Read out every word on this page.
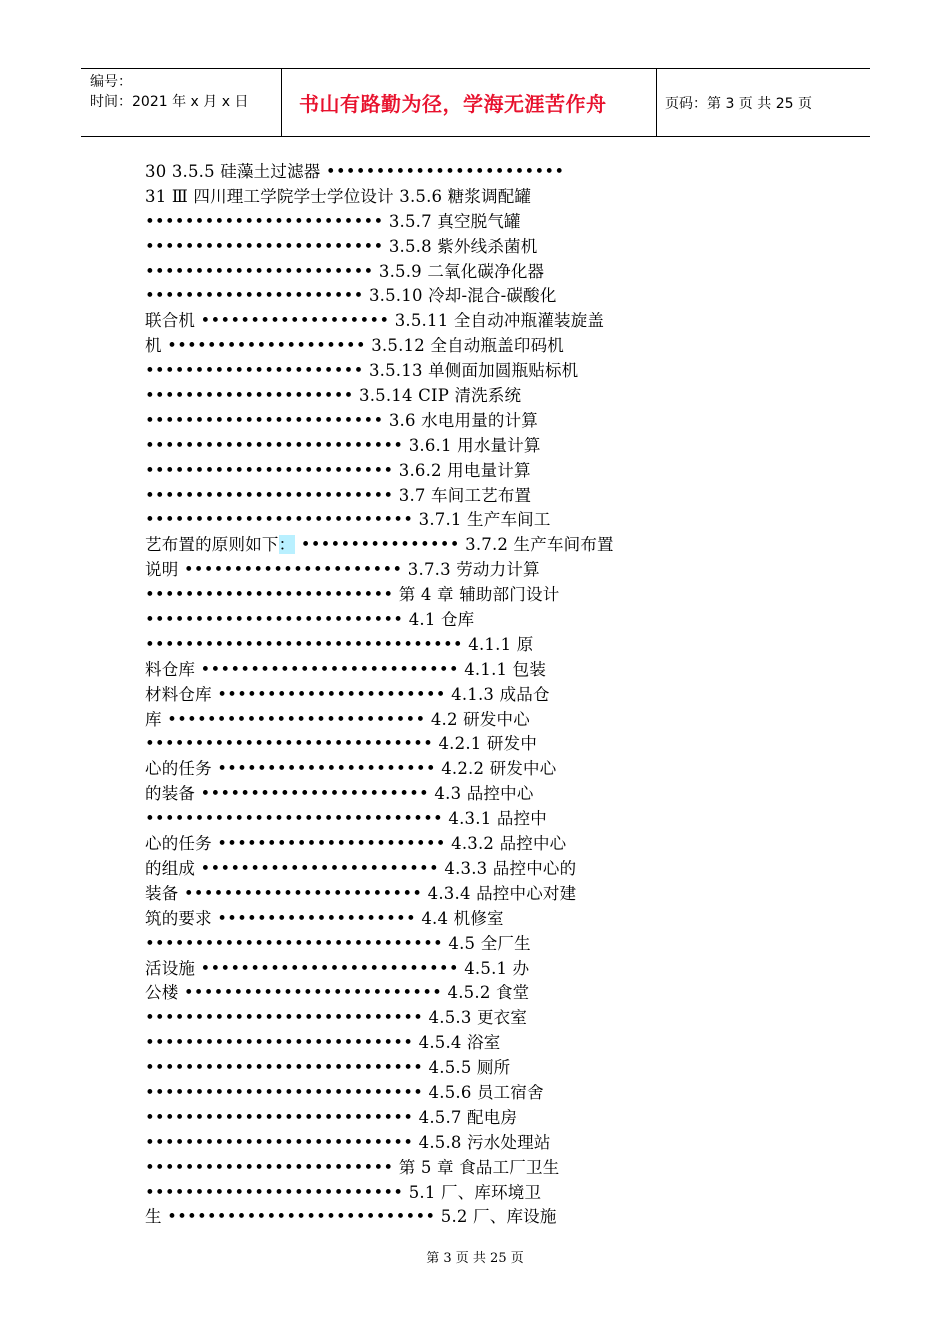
编号：
时间：2021 年 x 月 x 日	书山有路勤为径，学海无涯苦作舟	页码：第 3 页 共 25 页
30 3.5.5 硅藻土过滤器 ••••••••••••••••••••••••
31 Ⅲ 四川理工学院学士学位设计 3.5.6 糖浆调配罐
•••••••••••••••••••••••• 3.5.7 真空脱气罐
•••••••••••••••••••••••• 3.5.8 紫外线杀菌机
••••••••••••••••••••••• 3.5.9 二氧化碳净化器
•••••••••••••••••••••• 3.5.10 冷却-混合-碳酸化
联合机 ••••••••••••••••••• 3.5.11 全自动冲瓶灌装旋盖
机 •••••••••••••••••••• 3.5.12 全自动瓶盖印码机
•••••••••••••••••••••• 3.5.13 单侧面加圆瓶贴标机
••••••••••••••••••••• 3.5.14 CIP 清洗系统
•••••••••••••••••••••••• 3.6 水电用量的计算
•••••••••••••••••••••••••• 3.6.1 用水量计算
••••••••••••••••••••••••• 3.6.2 用电量计算
••••••••••••••••••••••••• 3.7 车间工艺布置
••••••••••••••••••••••••••• 3.7.1 生产车间工
艺布置的原则如下： •••••••••••••••• 3.7.2 生产车间布置
说明 •••••••••••••••••••••• 3.7.3 劳动力计算
••••••••••••••••••••••••• 第 4 章 辅助部门设计
•••••••••••••••••••••••••• 4.1 仓库
•••••••••••••••••••••••••••••••• 4.1.1 原
料仓库 •••••••••••••••••••••••••• 4.1.1 包装
材料仓库 ••••••••••••••••••••••• 4.1.3 成品仓
库 •••••••••••••••••••••••••• 4.2 研发中心
••••••••••••••••••••••••••••• 4.2.1 研发中
心的任务 •••••••••••••••••••••• 4.2.2 研发中心
的装备 ••••••••••••••••••••••• 4.3 品控中心
•••••••••••••••••••••••••••••• 4.3.1 品控中
心的任务 ••••••••••••••••••••••• 4.3.2 品控中心
的组成 •••••••••••••••••••••••• 4.3.3 品控中心的
装备 •••••••••••••••••••••••• 4.3.4 品控中心对建
筑的要求 •••••••••••••••••••• 4.4 机修室
•••••••••••••••••••••••••••••• 4.5 全厂生
活设施 •••••••••••••••••••••••••• 4.5.1 办
公楼 •••••••••••••••••••••••••• 4.5.2 食堂
•••••••••••••••••••••••••••• 4.5.3 更衣室
••••••••••••••••••••••••••• 4.5.4 浴室
•••••••••••••••••••••••••••• 4.5.5 厕所
•••••••••••••••••••••••••••• 4.5.6 员工宿舍
••••••••••••••••••••••••••• 4.5.7 配电房
••••••••••••••••••••••••••• 4.5.8 污水处理站
••••••••••••••••••••••••• 第 5 章 食品工厂卫生
•••••••••••••••••••••••••• 5.1 厂、库环境卫
生 ••••••••••••••••••••••••••• 5.2 厂、库设施
第 3 页 共 25 页
